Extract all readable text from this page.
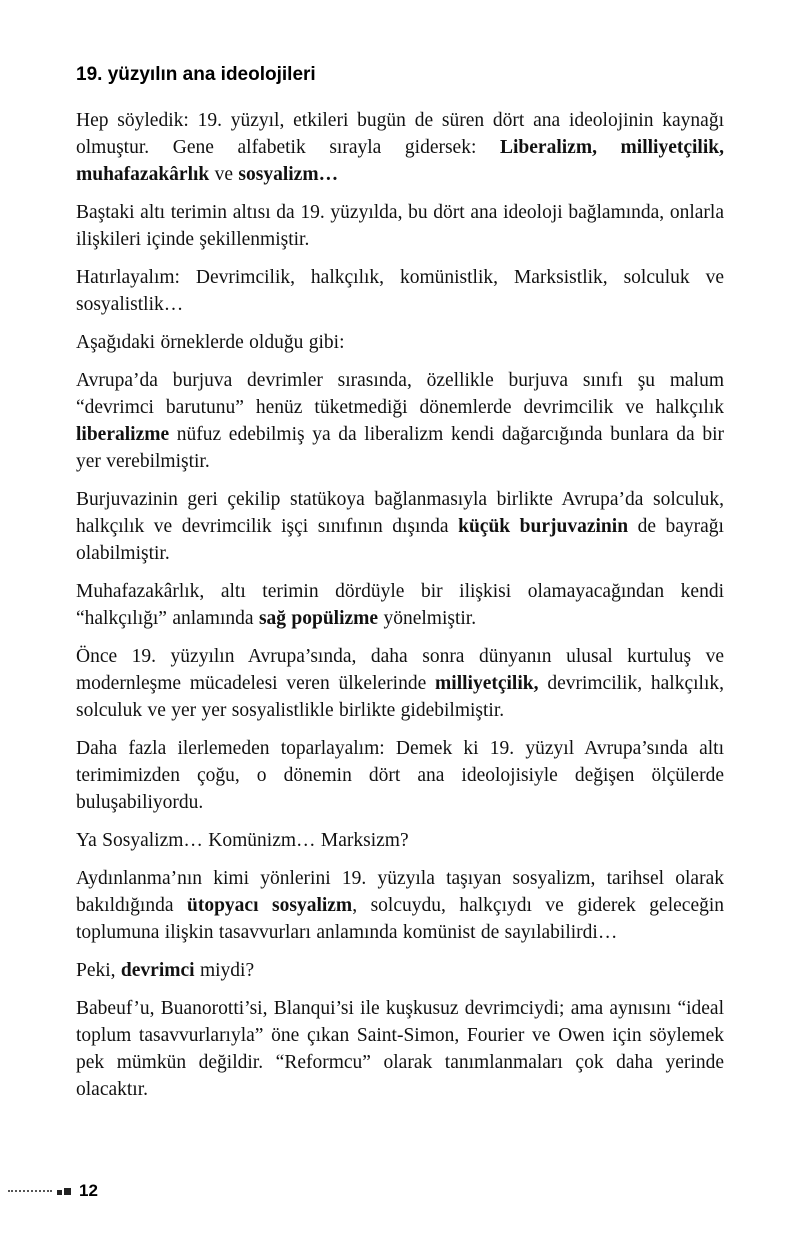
19. yüzyılın ana ideolojileri

Hep söyledik: 19. yüzyıl, etkileri bugün de süren dört ana ideolojinin kaynağı olmuştur. Gene alfabetik sırayla gidersek: Liberalizm, milliyetçilik, muhafazakârlık ve sosyalizm…

Baştaki altı terimin altısı da 19. yüzyılda, bu dört ana ideoloji bağlamında, onlarla ilişkileri içinde şekillenmiştir.

Hatırlayalım: Devrimcilik, halkçılık, komünistlik, Marksistlik, solculuk ve sosyalistlik…

Aşağıdaki örneklerde olduğu gibi:

Avrupa’da burjuva devrimler sırasında, özellikle burjuva sınıfı şu malum “devrimci barutunu” henüz tüketmediği dönemlerde devrimcilik ve halkçılık liberalizme nüfuz edebilmiş ya da liberalizm kendi dağarcığında bunlara da bir yer verebilmiştir.

Burjuvazinin geri çekilip statükoya bağlanmasıyla birlikte Avrupa’da solculuk, halkçılık ve devrimcilik işçi sınıfının dışında küçük burjuvazinin de bayrağı olabilmiştir.

Muhafazakârlık, altı terimin dördüyle bir ilişkisi olamayacağından kendi “halkçılığı” anlamında sağ popülizme yönelmiştir.

Önce 19. yüzyılın Avrupa’sında, daha sonra dünyanın ulusal kurtuluş ve modernleşme mücadelesi veren ülkelerinde milliyetçilik, devrimcilik, halkçılık, solculuk ve yer yer sosyalistlikle birlikte gidebilmiştir.

Daha fazla ilerlemeden toparlayalım: Demek ki 19. yüzyıl Avrupa’sında altı terimimizden çoğu, o dönemin dört ana ideolojisiyle değişen ölçülerde buluşabiliyordu.

Ya Sosyalizm… Komünizm… Marksizm?

Aydınlanma’nın kimi yönlerini 19. yüzyıla taşıyan sosyalizm, tarihsel olarak bakıldığında ütopyacı sosyalizm, solcuydu, halkçıydı ve giderek geleceğin toplumuna ilişkin tasavvurları anlamında komünist de sayılabilirdi…

Peki, devrimci miydi?

Babeuf’u, Buanorotti’si, Blanqui’si ile kuşkusuz devrimciydi; ama aynısını “ideal toplum tasavvurlarıyla” öne çıkan Saint-Simon, Fourier ve Owen için söylemek pek mümkün değildir. “Reformcu” olarak tanımlanmaları çok daha yerinde olacaktır.

12
